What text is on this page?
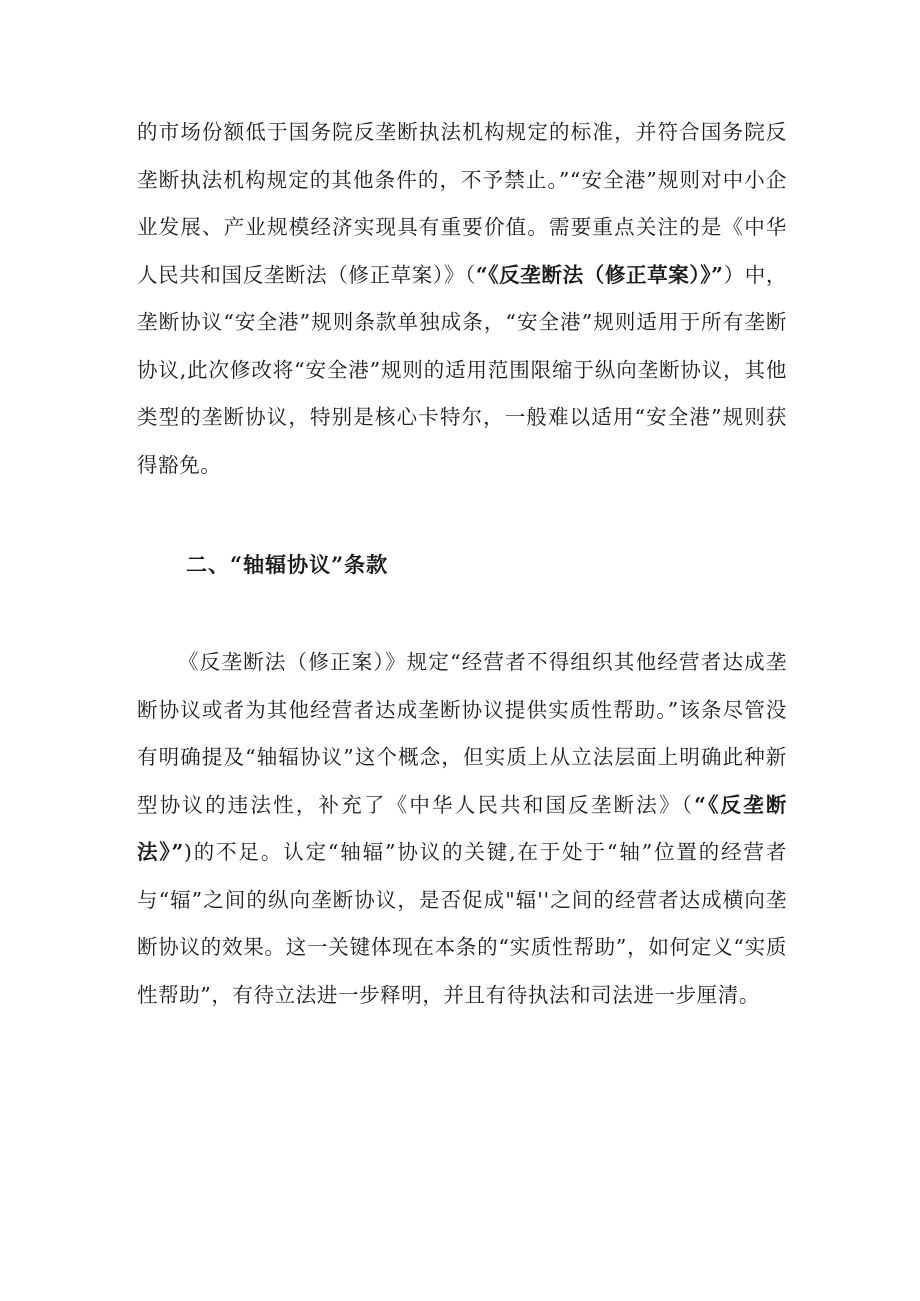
的市场份额低于国务院反垄断执法机构规定的标准，并符合国务院反垄断执法机构规定的其他条件的，不予禁止。”“安全港”规则对中小企业发展、产业规模经济实现具有重要价值。需要重点关注的是《中华人民共和国反垄断法（修正草案）》（“《反垄断法（修正草案）》”）中，垄断协议“安全港”规则条款单独成条，“安全港”规则适用于所有垄断协议,此次修改将“安全港”规则的适用范围限缩于纵向垄断协议，其他类型的垄断协议，特别是核心卡特尔，一般难以适用“安全港”规则获得豁免。

二、“轴辐协议”条款

《反垄断法（修正案）》规定“经营者不得组织其他经营者达成垄断协议或者为其他经营者达成垄断协议提供实质性帮助。”该条尽管没有明确提及“轴辐协议”这个概念，但实质上从立法层面上明确此种新型协议的违法性，补充了《中华人民共和国反垄断法》（“《反垄断法》”)的不足。认定“轴辐”协议的关键,在于处于“轴”位置的经营者与“辐”之间的纵向垄断协议，是否促成"辐''之间的经营者达成横向垄断协议的效果。这一关键体现在本条的“实质性帮助”，如何定义“实质性帮助”，有待立法进一步释明，并且有待执法和司法进一步厘清。
